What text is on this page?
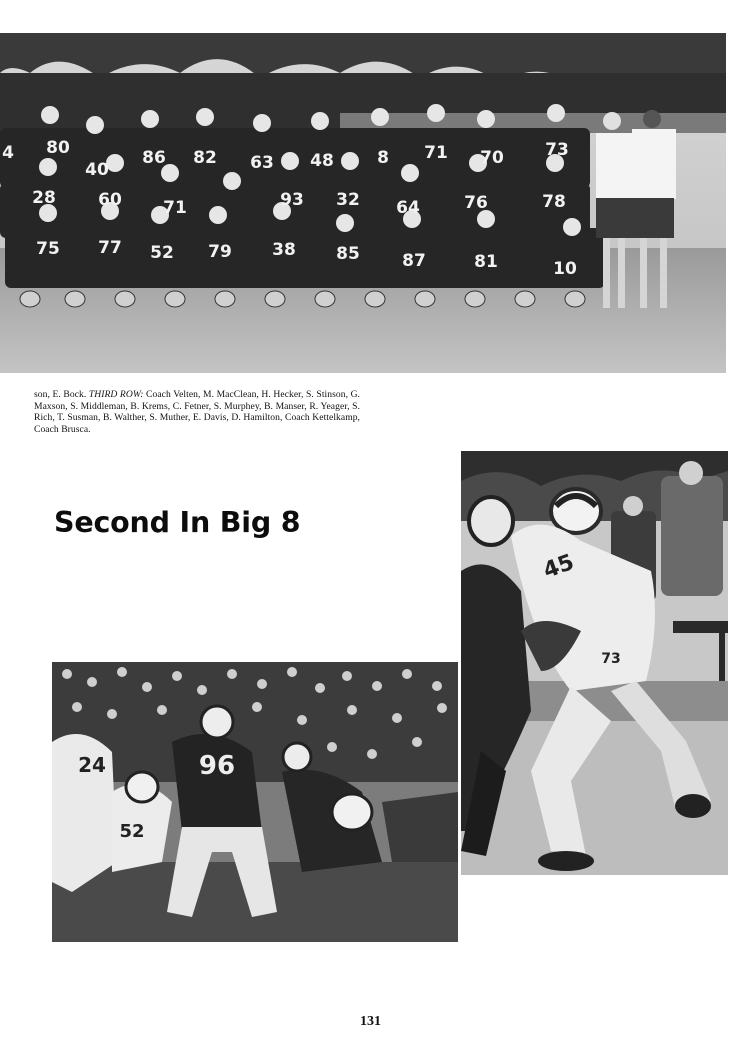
4 80
40
86 82 63 48	8 71 70 73
28 60 71	93 32 64	76	78
75 77 52 79 38 85 87	81	10
son, E. Bock. THIRD ROW: Coach Velten, M. MacClean, H. Hecker, S. Stinson, G. Maxson, S. Middleman, B. Krems, C. Fetner, S. Murphey, B. Manser, R. Yeager, S. Rich, T. Susman, B. Walther, S. Muther, E. Davis, D. Hamilton, Coach Kettelkamp, Coach Brusca.
Second In Big 8
45
73
24	96
52
131
